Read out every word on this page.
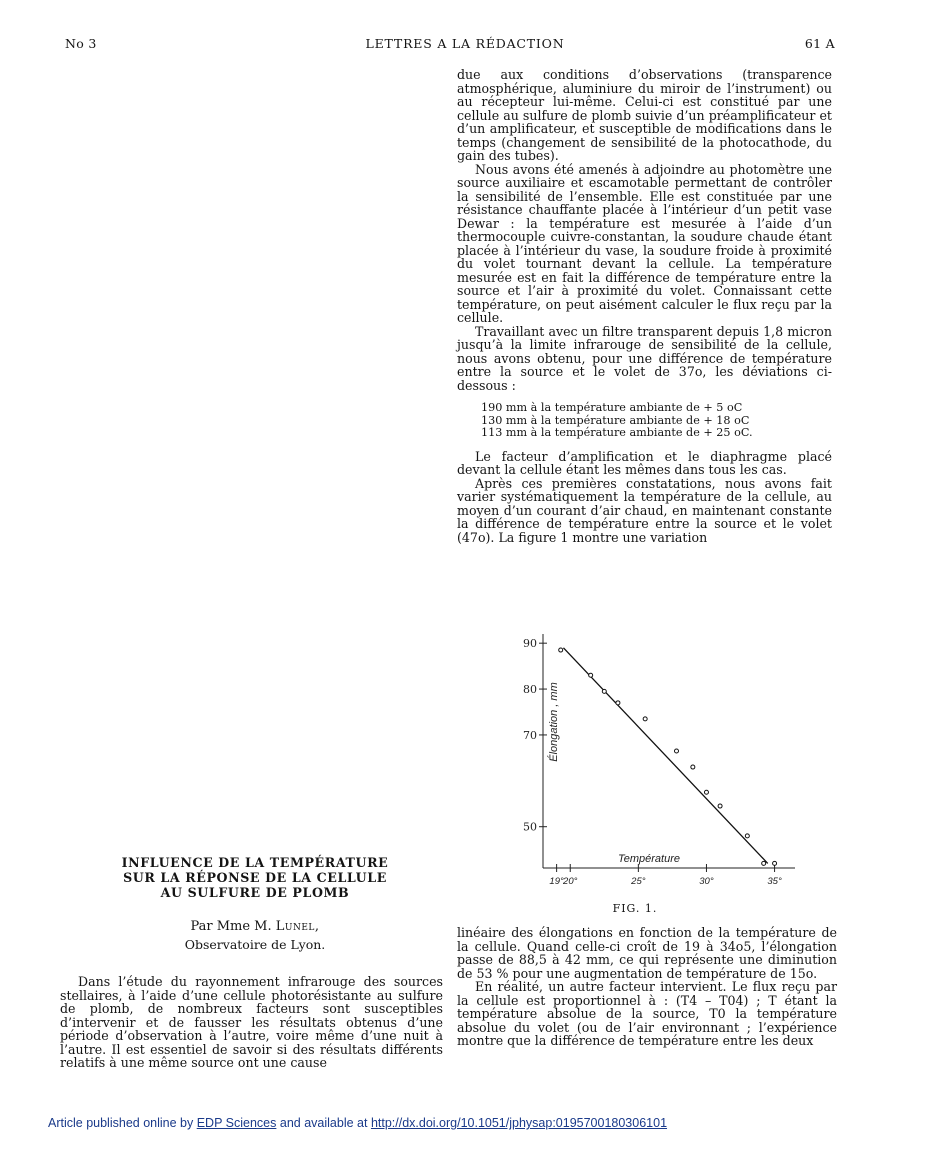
No 3	LETTRES A LA RÉDACTION	61 A

due aux conditions d’observations (transparence atmosphérique, aluminiure du miroir de l’instrument) ou au récepteur lui-même. Celui-ci est constitué par une cellule au sulfure de plomb suivie d’un préamplificateur et d’un amplificateur, et susceptible de modifications dans le temps (changement de sensibilité de la photocathode, du gain des tubes).

Nous avons été amenés à adjoindre au photomètre une source auxiliaire et escamotable permettant de contrôler la sensibilité de l’ensemble. Elle est constituée par une résistance chauffante placée à l’intérieur d’un petit vase Dewar : la température est mesurée à l’aide d’un thermocouple cuivre-constantan, la soudure chaude étant placée à l’intérieur du vase, la soudure froide à proximité du volet tournant devant la cellule. La température mesurée est en fait la différence de température entre la source et l’air à proximité du volet. Connaissant cette température, on peut aisément calculer le flux reçu par la cellule.

Travaillant avec un filtre transparent depuis 1,8 micron jusqu’à la limite infrarouge de sensibilité de la cellule, nous avons obtenu, pour une différence de température entre la source et le volet de 37o, les déviations ci-dessous :

190 mm à la température ambiante de + 5 oC
130 mm à la température ambiante de + 18 oC
113 mm à la température ambiante de + 25 oC.

Le facteur d’amplification et le diaphragme placé devant la cellule étant les mêmes dans tous les cas.

Après ces premières constatations, nous avons fait varier systématiquement la température de la cellule, au moyen d’un courant d’air chaud, en maintenant constante la différence de température entre la source et le volet (47o). La figure 1 montre une variation

50
70
80
90
19° 20°	25°	30°	35°
Température
Élongation , mm
FIG. 1.
INFLUENCE DE LA TEMPÉRATURE
SUR LA RÉPONSE DE LA CELLULE
AU SULFURE DE PLOMB
Par Mme M. Lunel,
Observatoire de Lyon.

Dans l’étude du rayonnement infrarouge des sources stellaires, à l’aide d’une cellule photorésistante au sulfure de plomb, de nombreux facteurs sont susceptibles d’intervenir et de fausser les résultats obtenus d’une période d’observation à l’autre, voire même d’une nuit à l’autre. Il est essentiel de savoir si des résultats différents relatifs à une même source ont une cause

linéaire des élongations en fonction de la température de la cellule. Quand celle-ci croît de 19 à 34o5, l’élongation passe de 88,5 à 42 mm, ce qui représente une diminution de 53 % pour une augmentation de température de 15o.

En réalité, un autre facteur intervient. Le flux reçu par la cellule est proportionnel à : (T4 – T04) ; T étant la température absolue de la source, T0 la température absolue du volet (ou de l’air environnant ; l’expérience montre que la différence de température entre les deux

Article published online by EDP Sciences and available at http://dx.doi.org/10.1051/jphysap:0195700180306101
